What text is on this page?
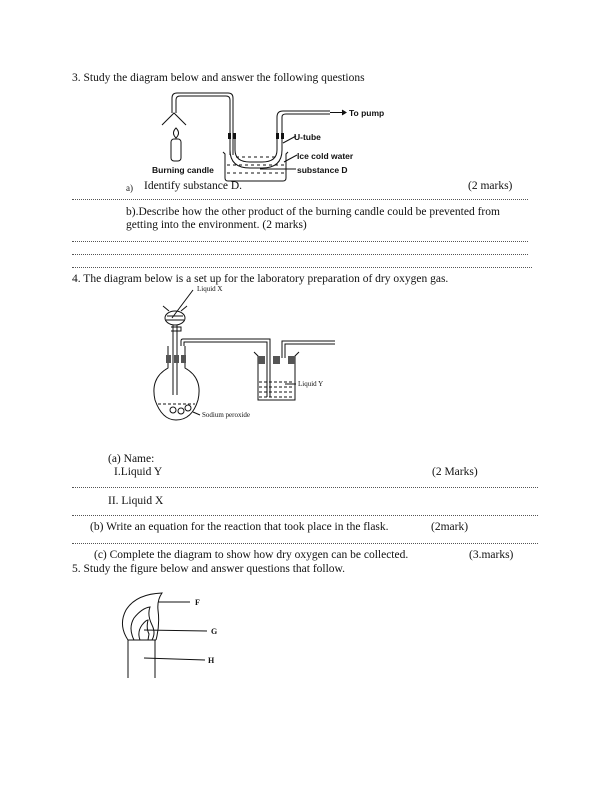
3. Study the diagram below and answer the following questions
To pump
U-tube
Ice cold water
substance D
Burning candle
a) Identify substance D.	(2 marks)
b).Describe how the other product of the burning candle could be prevented from
getting into the environment. (2 marks)
4. The diagram below is a set up for the laboratory preparation of dry oxygen gas.
Liquid X
Liquid Y
Sodium peroxide
(a) Name:
I.Liquid Y	(2 Marks)
II. Liquid X
(b) Write an equation for the reaction that took place in the flask.	(2mark)
(c) Complete the diagram to show how dry oxygen can be collected.	(3.marks)
5. Study the figure below and answer questions that follow.
F
G
H
